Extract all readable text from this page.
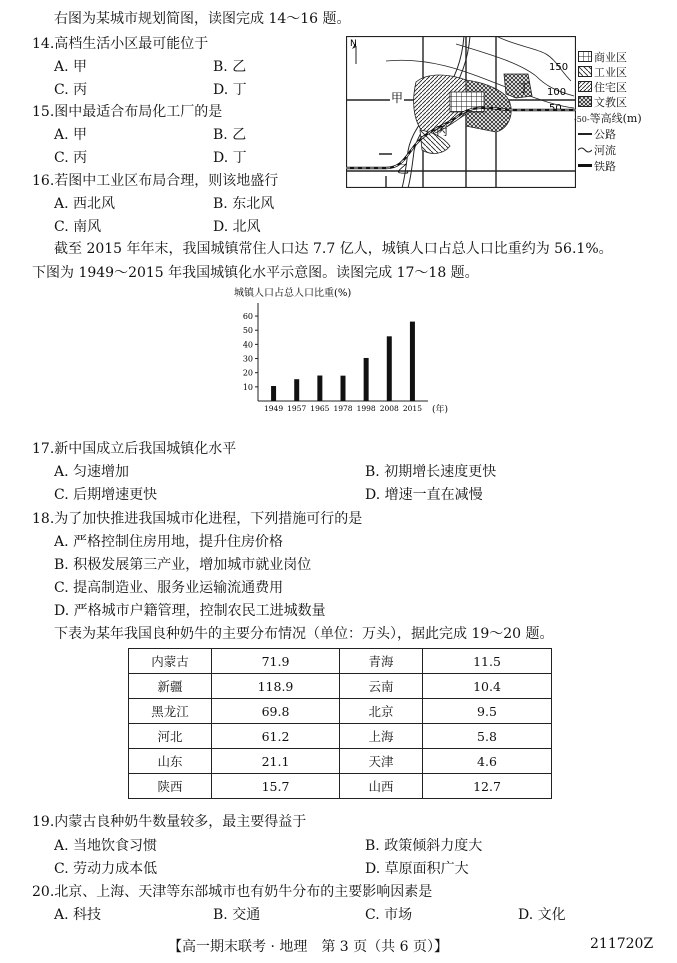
右图为某城市规划简图，读图完成 14～16 题。
14.高档生活小区最可能位于
A. 甲	B. 乙
C. 丙	D. 丁
15.图中最适合布局化工厂的是
A. 甲	B. 乙
C. 丙	D. 丁
16.若图中工业区布局合理，则该地盛行
A. 西北风	B. 东北风
C. 南风	D. 北风
N
150
100
50
甲
乙
丙
丁
商业区
工业区
住宅区
文教区
-50-等高线(m)
公路
河流
铁路
截至 2015 年年末，我国城镇常住人口达 7.7 亿人，城镇人口占总人口比重约为 56.1%。
下图为 1949～2015 年我国城镇化水平示意图。读图完成 17～18 题。
城镇人口占总人口比重(%)
10
20
30
40
50
60
1949 1957 1965 1978 1998 2008 2015 (年)
17.新中国成立后我国城镇化水平
A. 匀速增加	B. 初期增长速度更快
C. 后期增速更快	D. 增速一直在减慢
18.为了加快推进我国城市化进程，下列措施可行的是
A. 严格控制住房用地，提升住房价格
B. 积极发展第三产业，增加城市就业岗位
C. 提高制造业、服务业运输流通费用
D. 严格城市户籍管理，控制农民工进城数量
下表为某年我国良种奶牛的主要分布情况（单位：万头），据此完成 19～20 题。
内蒙古	71.9	青海	11.5
新疆	118.9	云南	10.4
黑龙江	69.8	北京	9.5
河北	61.2	上海	5.8
山东	21.1	天津	4.6
陕西	15.7	山西	12.7
19.内蒙古良种奶牛数量较多，最主要得益于
A. 当地饮食习惯	B. 政策倾斜力度大
C. 劳动力成本低	D. 草原面积广大
20.北京、上海、天津等东部城市也有奶牛分布的主要影响因素是
A. 科技	B. 交通	C. 市场	D. 文化
【高一期末联考 · 地理　第 3 页（共 6 页）】	211720Z
